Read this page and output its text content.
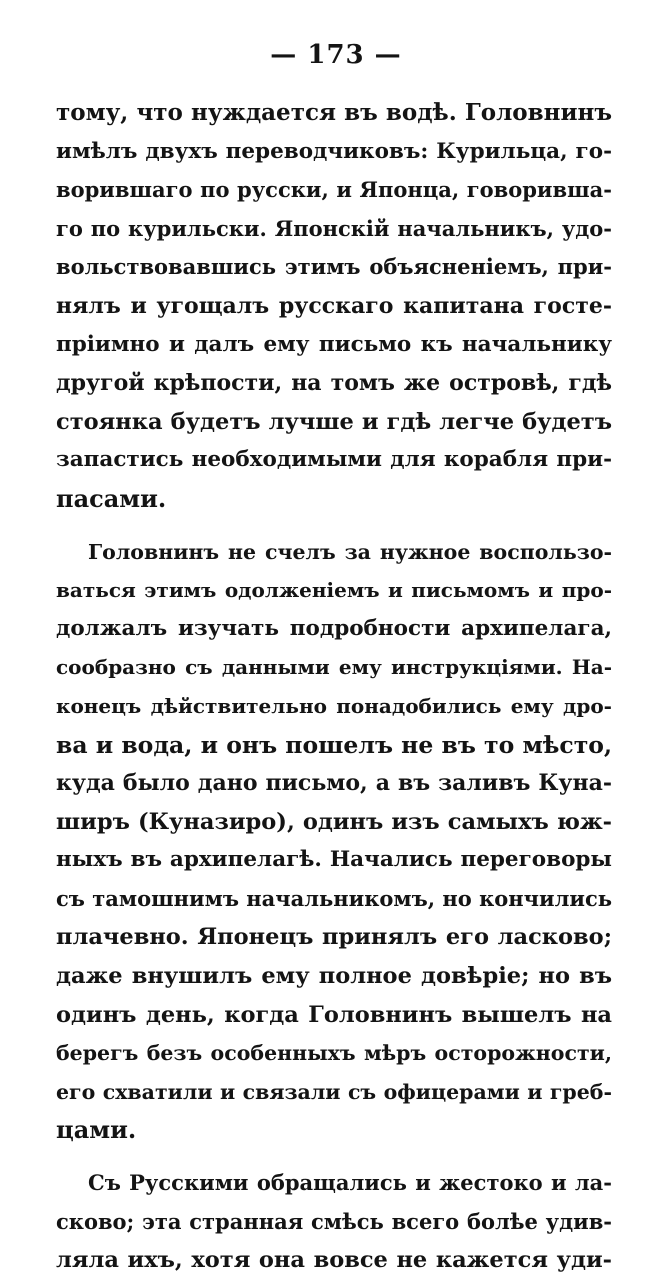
— 173 —
тому, что нуждается въ водѣ. Головнинъ
имѣлъ двухъ переводчиковъ: Курильца, го-
ворившаго по русски, и Японца, говорившa-
го по курильски. Японскій начальникъ, удо-
вольствовавшись этимъ объясненіемъ, при-
нялъ и угощалъ русскаго капитана госте-
пріимно и далъ ему письмо къ начальнику
другой крѣпости, на томъ же островѣ, гдѣ
стоянка будетъ лучше и гдѣ легче будетъ
запастись необходимыми для корабля при-
пасами.
Головнинъ не счелъ за нужное воспользо-
ваться этимъ одолженіемъ и письмомъ и про-
должалъ изучать подробности архипелага,
сообразно съ данными ему инструкціями. На-
конецъ дѣйствительно понадобились ему дро-
ва и вода, и онъ пошелъ не въ то мѣсто,
куда было дано письмо, а въ заливъ Куна-
ширъ (Куназиро), одинъ изъ самыхъ юж-
ныхъ въ архипелагѣ. Начались переговоры
съ тамошнимъ начальникомъ, но кончились
плачевно. Японецъ принялъ его ласково;
даже внушилъ ему полное довѣріе; но въ
одинъ день, когда Головнинъ вышелъ на
берегъ безъ особенныхъ мѣръ осторожности,
его схватили и связали съ офицерами и греб-
цами.
Съ Русскими обращались и жестоко и ла-
сково; эта странная смѣсь всего болѣе удив-
ляла ихъ, хотя она вовсе не кажется уди-
